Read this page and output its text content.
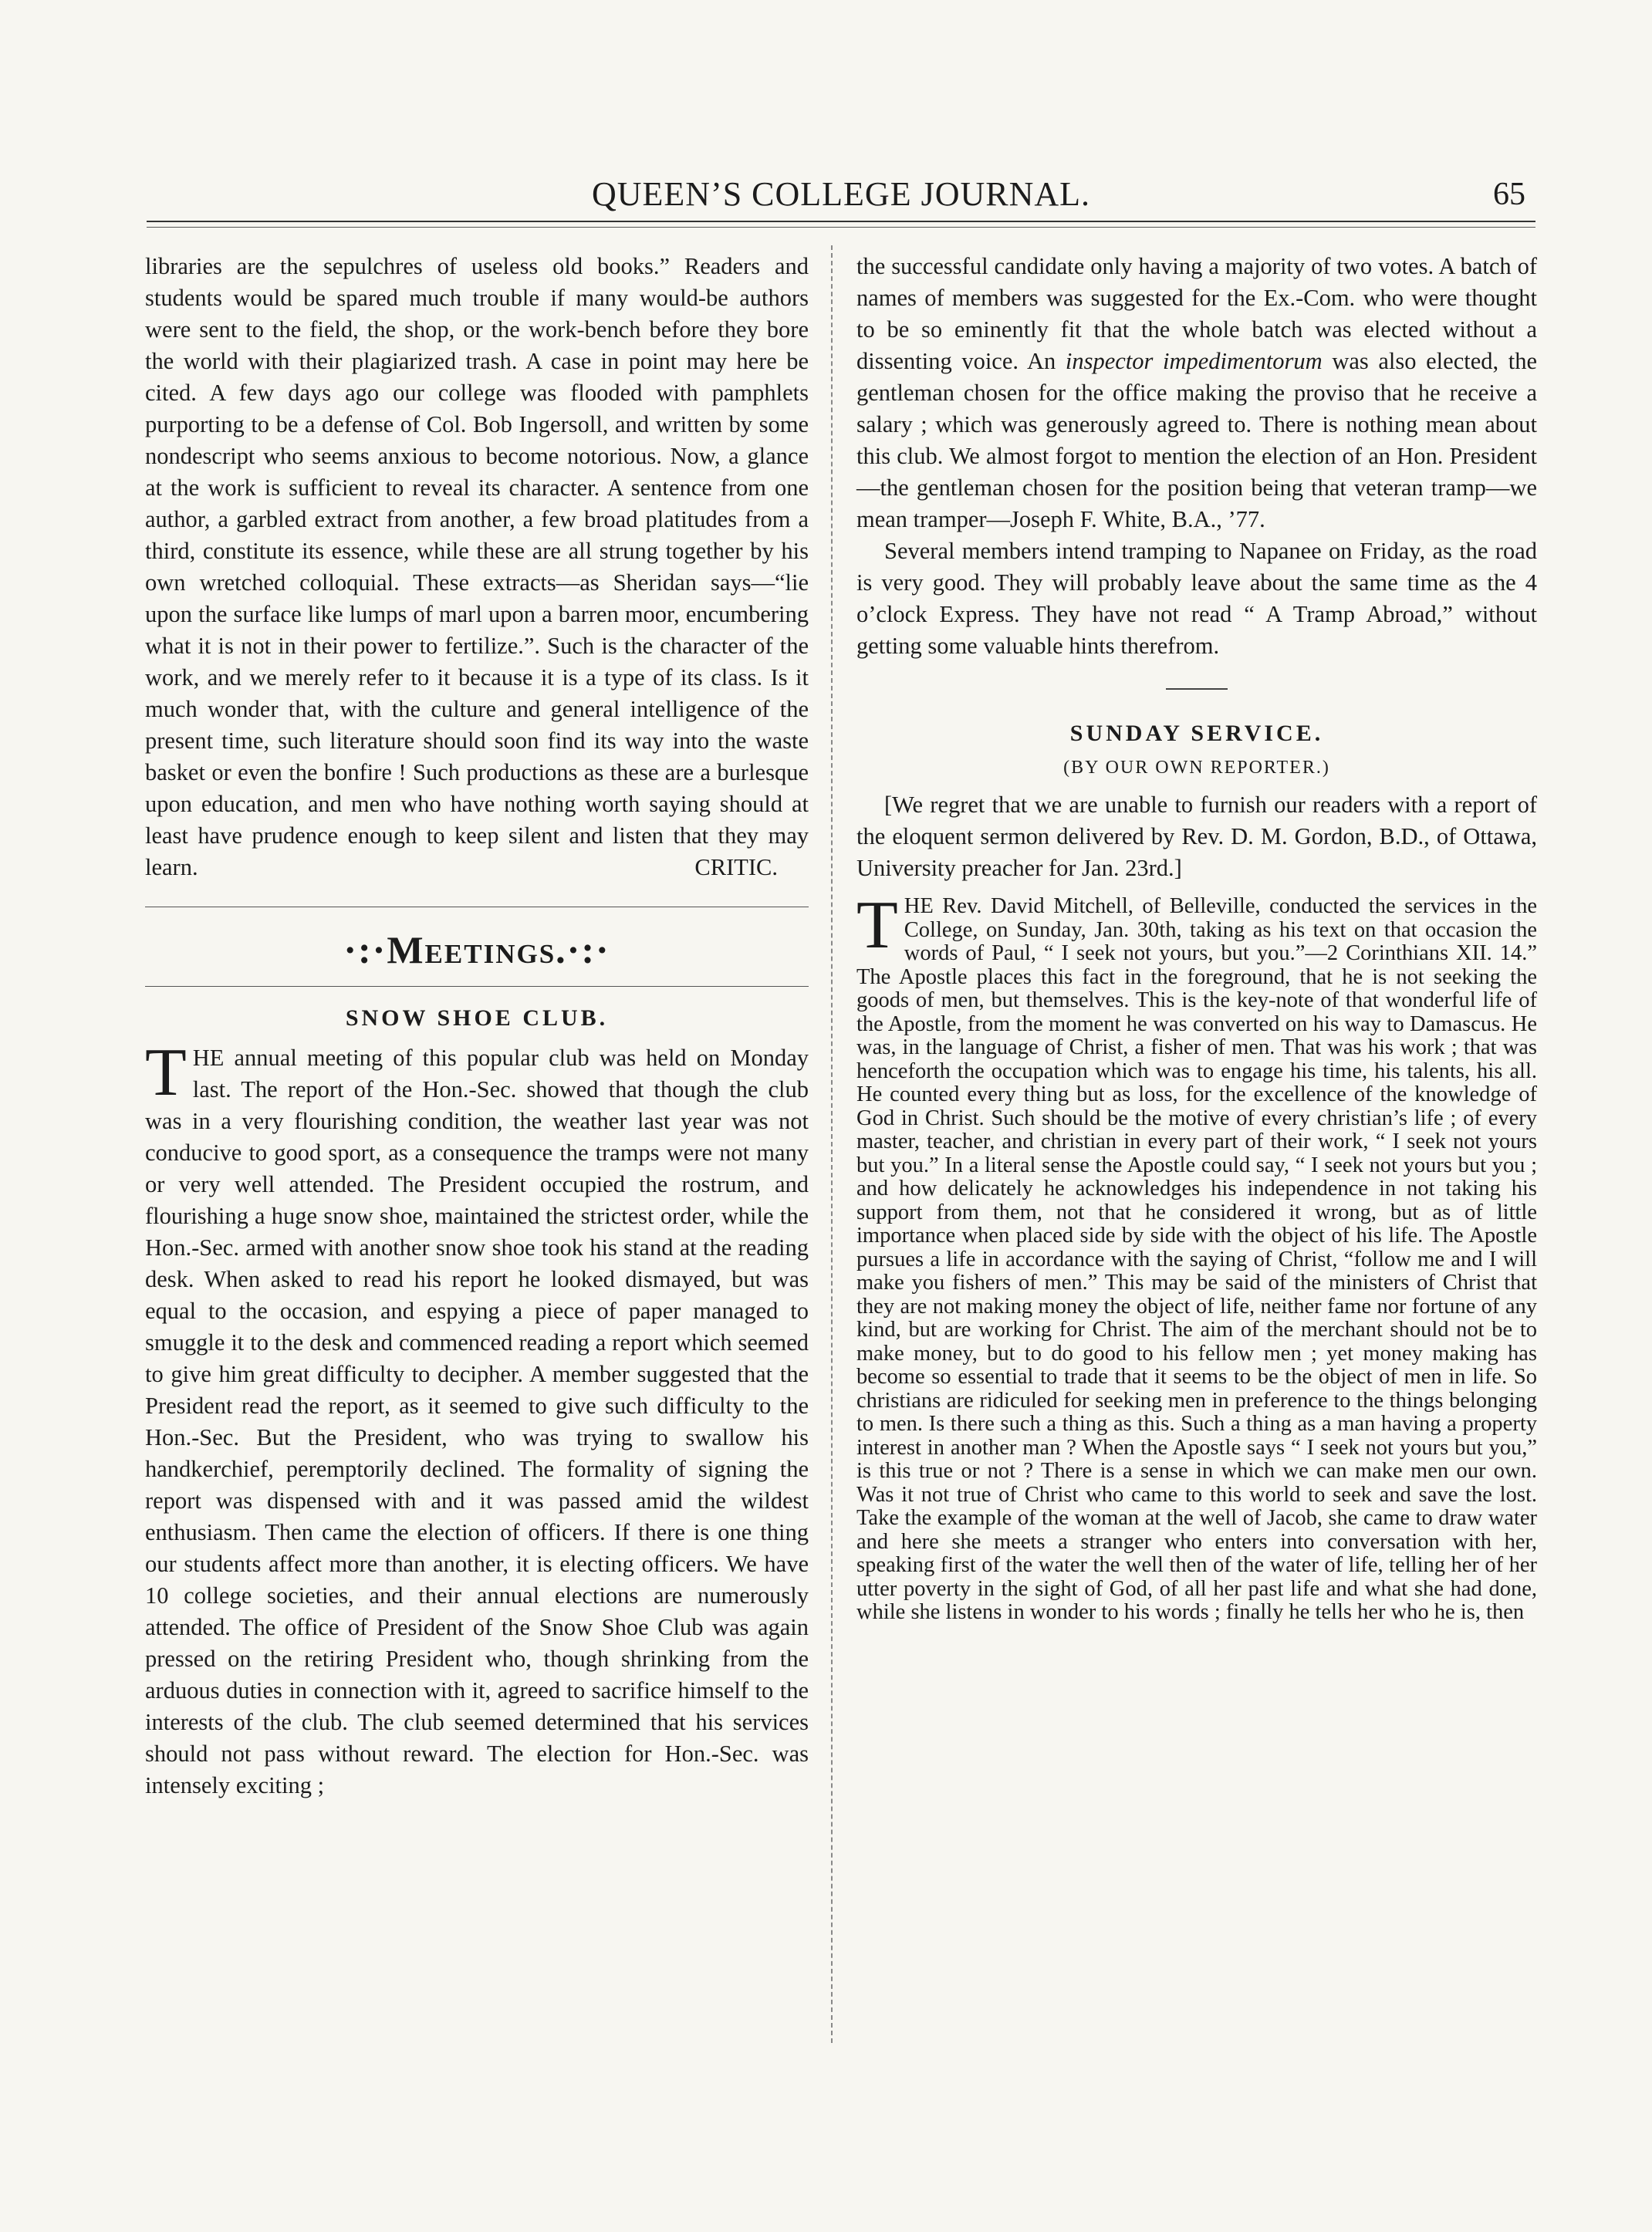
QUEEN’S COLLEGE JOURNAL.	65

libraries are the sepulchres of useless old books.” Readers and students would be spared much trouble if many would-be authors were sent to the field, the shop, or the work-bench before they bore the world with their plagiarized trash. A case in point may here be cited. A few days ago our college was flooded with pamphlets purporting to be a defense of Col. Bob Ingersoll, and written by some nondescript who seems anxious to become notorious. Now, a glance at the work is sufficient to reveal its character. A sentence from one author, a garbled extract from another, a few broad platitudes from a third, constitute its essence, while these are all strung together by his own wretched colloquial. These extracts—as Sheridan says—“lie upon the surface like lumps of marl upon a barren moor, encumbering what it is not in their power to fertilize.”. Such is the character of the work, and we merely refer to it because it is a type of its class. Is it much wonder that, with the culture and general intelligence of the present time, such literature should soon find its way into the waste basket or even the bonfire ! Such productions as these are a burlesque upon education, and men who have nothing worth saying should at least have prudence enough to keep silent and listen that they may learn.	CRITIC.

·:·Meetings.·:·
SNOW SHOE CLUB.

THE annual meeting of this popular club was held on Monday last. The report of the Hon.-Sec. showed that though the club was in a very flourishing condition, the weather last year was not conducive to good sport, as a consequence the tramps were not many or very well attended. The President occupied the rostrum, and flourishing a huge snow shoe, maintained the strictest order, while the Hon.-Sec. armed with another snow shoe took his stand at the reading desk. When asked to read his report he looked dismayed, but was equal to the occasion, and espying a piece of paper managed to smuggle it to the desk and commenced reading a report which seemed to give him great difficulty to decipher. A member suggested that the President read the report, as it seemed to give such difficulty to the Hon.-Sec. But the President, who was trying to swallow his handkerchief, peremptorily declined. The formality of signing the report was dispensed with and it was passed amid the wildest enthusiasm. Then came the election of officers. If there is one thing our students affect more than another, it is electing officers. We have 10 college societies, and their annual elections are numerously attended. The office of President of the Snow Shoe Club was again pressed on the retiring President who, though shrinking from the arduous duties in connection with it, agreed to sacrifice himself to the interests of the club. The club seemed determined that his services should not pass without reward. The election for Hon.-Sec. was intensely exciting ;

the successful candidate only having a majority of two votes. A batch of names of members was suggested for the Ex.-Com. who were thought to be so eminently fit that the whole batch was elected without a dissenting voice. An inspector impedimentorum was also elected, the gentleman chosen for the office making the proviso that he receive a salary ; which was generously agreed to. There is nothing mean about this club. We almost forgot to mention the election of an Hon. President—the gentleman chosen for the position being that veteran tramp—we mean tramper—Joseph F. White, B.A., ’77.

Several members intend tramping to Napanee on Friday, as the road is very good. They will probably leave about the same time as the 4 o’clock Express. They have not read “ A Tramp Abroad,” without getting some valuable hints therefrom.

SUNDAY SERVICE.
(BY OUR OWN REPORTER.)

[We regret that we are unable to furnish our readers with a report of the eloquent sermon delivered by Rev. D. M. Gordon, B.D., of Ottawa, University preacher for Jan. 23rd.]

THE Rev. David Mitchell, of Belleville, conducted the services in the College, on Sunday, Jan. 30th, taking as his text on that occasion the words of Paul, “ I seek not yours, but you.”—2 Corinthians XII. 14.” The Apostle places this fact in the foreground, that he is not seeking the goods of men, but themselves. This is the key-note of that wonderful life of the Apostle, from the moment he was converted on his way to Damascus. He was, in the language of Christ, a fisher of men. That was his work ; that was henceforth the occupation which was to engage his time, his talents, his all. He counted every thing but as loss, for the excellence of the knowledge of God in Christ. Such should be the motive of every christian’s life ; of every master, teacher, and christian in every part of their work, “ I seek not yours but you.” In a literal sense the Apostle could say, “ I seek not yours but you ; and how delicately he acknowledges his independence in not taking his support from them, not that he considered it wrong, but as of little importance when placed side by side with the object of his life. The Apostle pursues a life in accordance with the saying of Christ, “follow me and I will make you fishers of men.” This may be said of the ministers of Christ that they are not making money the object of life, neither fame nor fortune of any kind, but are working for Christ. The aim of the merchant should not be to make money, but to do good to his fellow men ; yet money making has become so essential to trade that it seems to be the object of men in life. So christians are ridiculed for seeking men in preference to the things belonging to men. Is there such a thing as this. Such a thing as a man having a property interest in another man ? When the Apostle says “ I seek not yours but you,” is this true or not ? There is a sense in which we can make men our own. Was it not true of Christ who came to this world to seek and save the lost. Take the example of the woman at the well of Jacob, she came to draw water and here she meets a stranger who enters into conversation with her, speaking first of the water the well then of the water of life, telling her of her utter poverty in the sight of God, of all her past life and what she had done, while she listens in wonder to his words ; finally he tells her who he is, then
